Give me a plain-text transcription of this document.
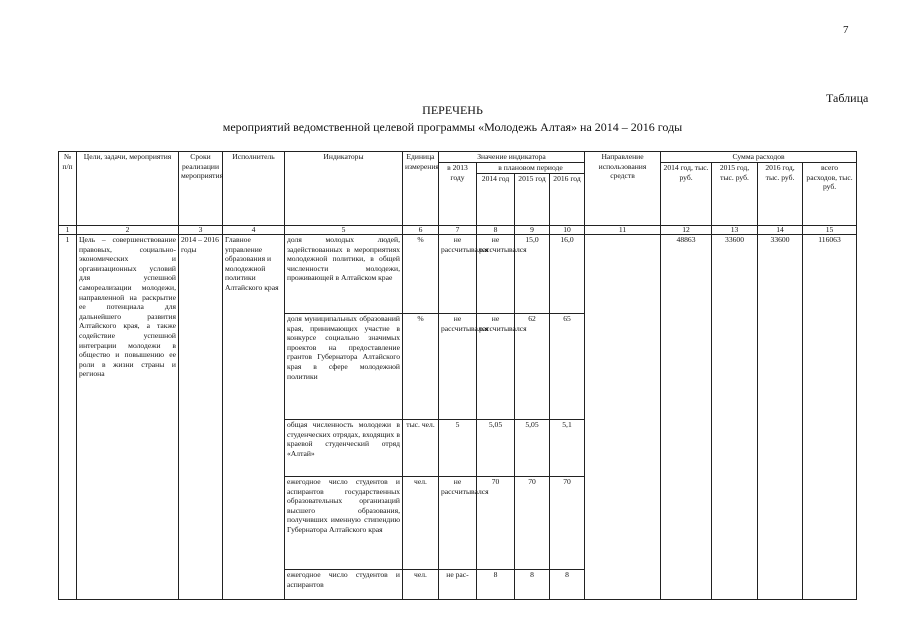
7
Таблица
ПЕРЕЧЕНЬ
мероприятий ведомственной целевой программы «Молодежь Алтая» на 2014 – 2016 годы
№ п/п	Цели, задачи, мероприятия	Сроки реализации мероприятия	Исполнитель	Индикаторы	Единица измерения	Значение индикатора				Направление использования средств	Сумма расходов			
						в 2013 году	в плановом периоде				2014 год, тыс. руб.	2015 год, тыс. руб.	2016 год, тыс. руб.	всего расходов, тыс. руб.
							2014 год	2015 год	2016 год					
1	2	3	4	5	6	7	8	9	10	11	12	13	14	15
1	Цель – совершенствование правовых, социально-экономических и организационных условий для успешной самореализации молодежи, направленной на раскрытие ее потенциала для дальнейшего развития Алтайского края, а также содействие успешной интеграции молодежи в общество и повышению ее роли в жизни страны и региона	2014 – 2016 годы	Главное управление образования и молодежной политики Алтайского края	доля молодых людей, задействованных в мероприятиях молодежной политики, в общей численности молодежи, проживающей в Алтайском крае	%	не рассчитывался	не рассчитывался	15,0	16,0		48863	33600	33600	116063
				доля муниципальных образований края, принимающих участие в конкурсе социально значимых проектов на предоставление грантов Губернатора Алтайского края в сфере молодежной политики	%	не рассчитывался	не рассчитывался	62	65					
				общая численность молодежи в студенческих отрядах, входящих в краевой студенческий отряд «Алтай»	тыс. чел.	5	5,05	5,05	5,1					
				ежегодное число студентов и аспирантов государственных образовательных организаций высшего образования, получивших именную стипендию Губернатора Алтайского края	чел.	не рассчитывался	70	70	70					
				ежегодное число студентов и аспирантов	чел.	не рас-	8	8	8					
